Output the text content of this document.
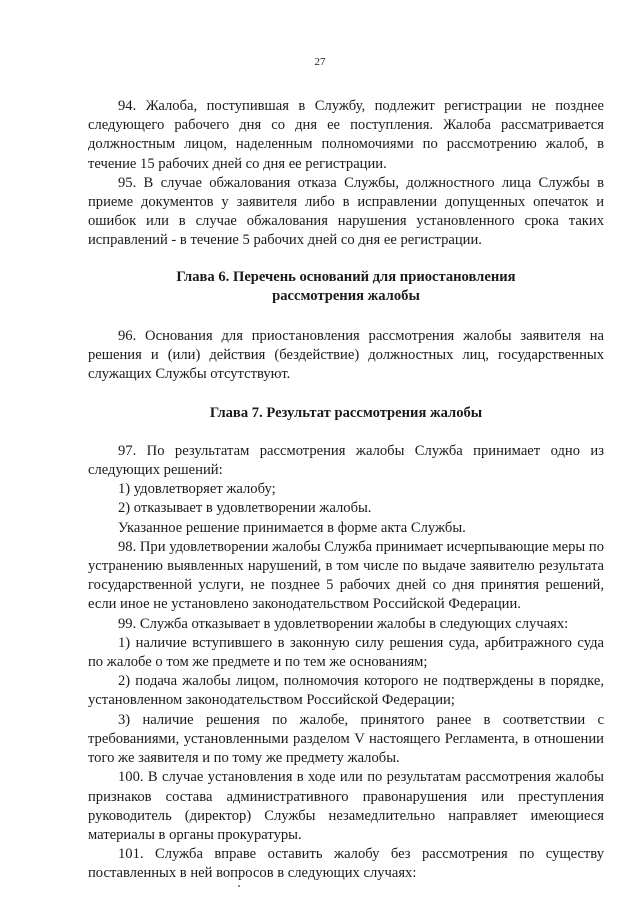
27

94. Жалоба, поступившая в Службу, подлежит регистрации не позднее следующего рабочего дня со дня ее поступления. Жалоба рассматривается должностным лицом, наделенным полномочиями по рассмотрению жалоб, в течение 15 рабочих дней со дня ее регистрации.

95. В случае обжалования отказа Службы, должностного лица Службы в приеме документов у заявителя либо в исправлении допущенных опечаток и ошибок или в случае обжалования нарушения установленного срока таких исправлений - в течение 5 рабочих дней со дня ее регистрации.

Глава 6. Перечень оснований для приостановления
рассмотрения жалобы

96. Основания для приостановления рассмотрения жалобы заявителя на решения и (или) действия (бездействие) должностных лиц, государственных служащих Службы отсутствуют.

Глава 7. Результат рассмотрения жалобы

97. По результатам рассмотрения жалобы Служба принимает одно из следующих решений:

1) удовлетворяет жалобу;

2) отказывает в удовлетворении жалобы.

Указанное решение принимается в форме акта Службы.

98. При удовлетворении жалобы Служба принимает исчерпывающие меры по устранению выявленных нарушений, в том числе по выдаче заявителю результата государственной услуги, не позднее 5 рабочих дней со дня принятия решений, если иное не установлено законодательством Российской Федерации.

99. Служба отказывает в удовлетворении жалобы в следующих случаях:

1) наличие вступившего в законную силу решения суда, арбитражного суда по жалобе о том же предмете и по тем же основаниям;

2) подача жалобы лицом, полномочия которого не подтверждены в порядке, установленном законодательством Российской Федерации;

3) наличие решения по жалобе, принятого ранее в соответствии с требованиями, установленными разделом V настоящего Регламента, в отношении того же заявителя и по тому же предмету жалобы.

100. В случае установления в ходе или по результатам рассмотрения жалобы признаков состава административного правонарушения или преступления руководитель (директор) Службы незамедлительно направляет имеющиеся материалы в органы прокуратуры.

101. Служба вправе оставить жалобу без рассмотрения по существу поставленных в ней вопросов в следующих случаях:
